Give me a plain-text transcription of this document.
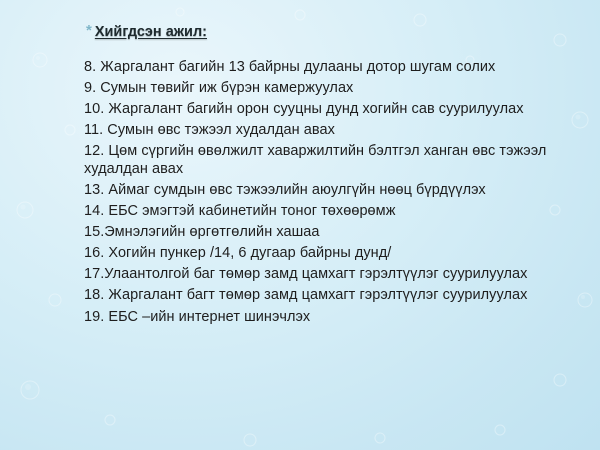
* Хийгдсэн ажил:
8. Жаргалант багийн 13 байрны дулааны дотор шугам солих
9. Сумын төвийг иж бүрэн камержуулах
10. Жаргалант багийн орон сууцны дунд хогийн сав суурилуулах
11. Сумын өвс тэжээл худалдан авах
12. Цөм сүргийн өвөлжилт хаваржилтийн бэлтгэл ханган өвс тэжээл худалдан авах
13. Аймаг сумдын өвс тэжээлийн аюулгүйн нөөц бүрдүүлэх
14. ЕБС эмэгтэй кабинетийн тоног төхөөрөмж
15.Эмнэлэгийн өргөтгөлийн хашаа
16. Хогийн пункер /14, 6 дугаар байрны дунд/
17.Улаантолгой баг төмөр замд цамхагт гэрэлтүүлэг суурилуулах
18. Жаргалант багт төмөр замд цамхагт гэрэлтүүлэг суурилуулах
19. ЕБС –ийн интернет шинэчлэх
